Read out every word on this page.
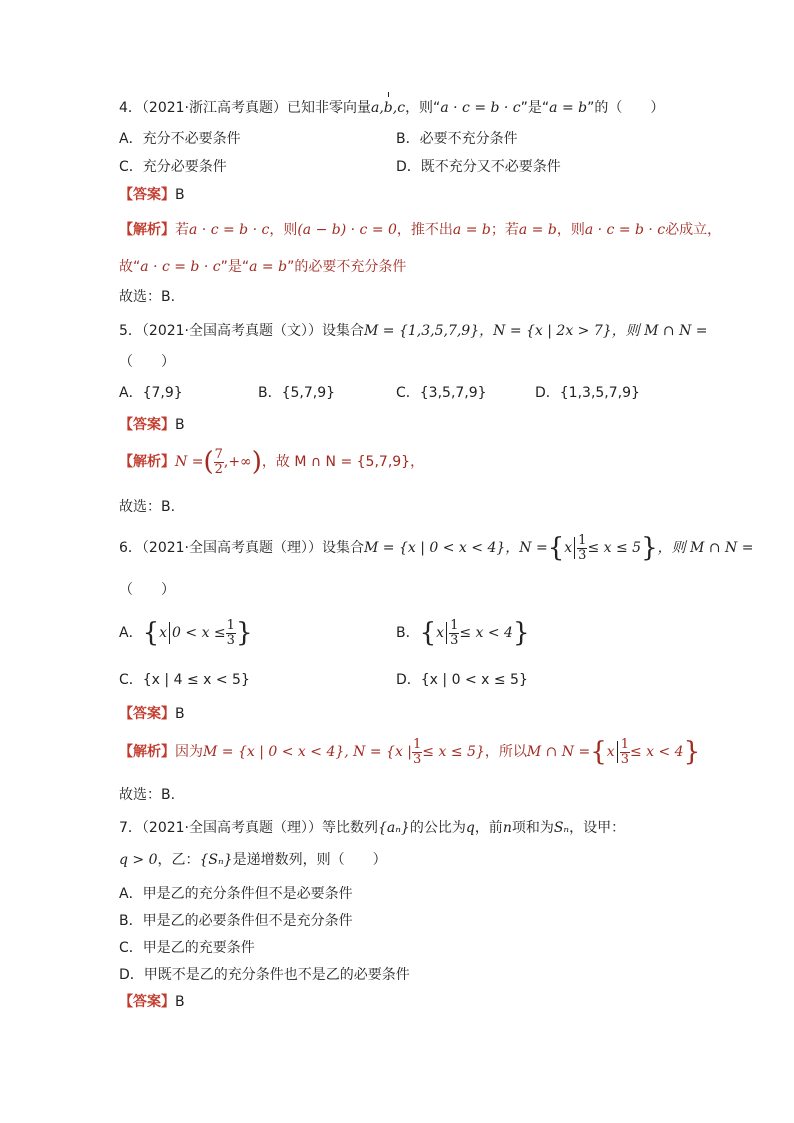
4．（2021·浙江高考真题）已知非零向量a,b,c，则“a · c = b · c”是“a = b”的（　　）
A．充分不必要条件	B．必要不充分条件
C．充分必要条件	D．既不充分又不必要条件
【答案】B
【解析】若a · c = b · c，则(a − b) · c = 0，推不出a = b；若a = b，则a · c = b · c必成立，
故“a · c = b · c”是“a = b”的必要不充分条件
故选：B.
5．（2021·全国高考真题（文））设集合M = {1,3,5,7,9}，N = {x | 2x > 7}，则 M ∩ N =
（　　）
A．{7,9}	B．{5,7,9}	C．{3,5,7,9}	D．{1,3,5,7,9}
【答案】B
【解析】N =( $\frac{7}{2}$ ,+∞)，故 M ∩ N = {5,7,9}，
故选：B.
6．（2021·全国高考真题（理））设集合M = {x | 0 < x < 4}，$N =\{x \frac{1}{3} \le x \le 5\}$，则 M ∩ N =
（　　）
A．{x $0 < x \le \frac{1}{3}$ }	B．$\{x \frac{1}{3} \le x < 4\}$
C．{x | 4 ≤ x < 5}	D．{x | 0 < x ≤ 5}
【答案】B
【解析】因为M = {x | 0 < x < 4}, N = {x | $\frac{1}{3} \le x \le 5$}，所以M ∩ $N =\{x \frac{1}{3} \le x < 4\}$
故选：B.
7．（2021·全国高考真题（理））等比数列{aₙ}的公比为q，前n项和为Sₙ，设甲：
q > 0，乙：{Sₙ}是递增数列，则（　　）
A．甲是乙的充分条件但不是必要条件
B．甲是乙的必要条件但不是充分条件
C．甲是乙的充要条件
D．甲既不是乙的充分条件也不是乙的必要条件
【答案】B
